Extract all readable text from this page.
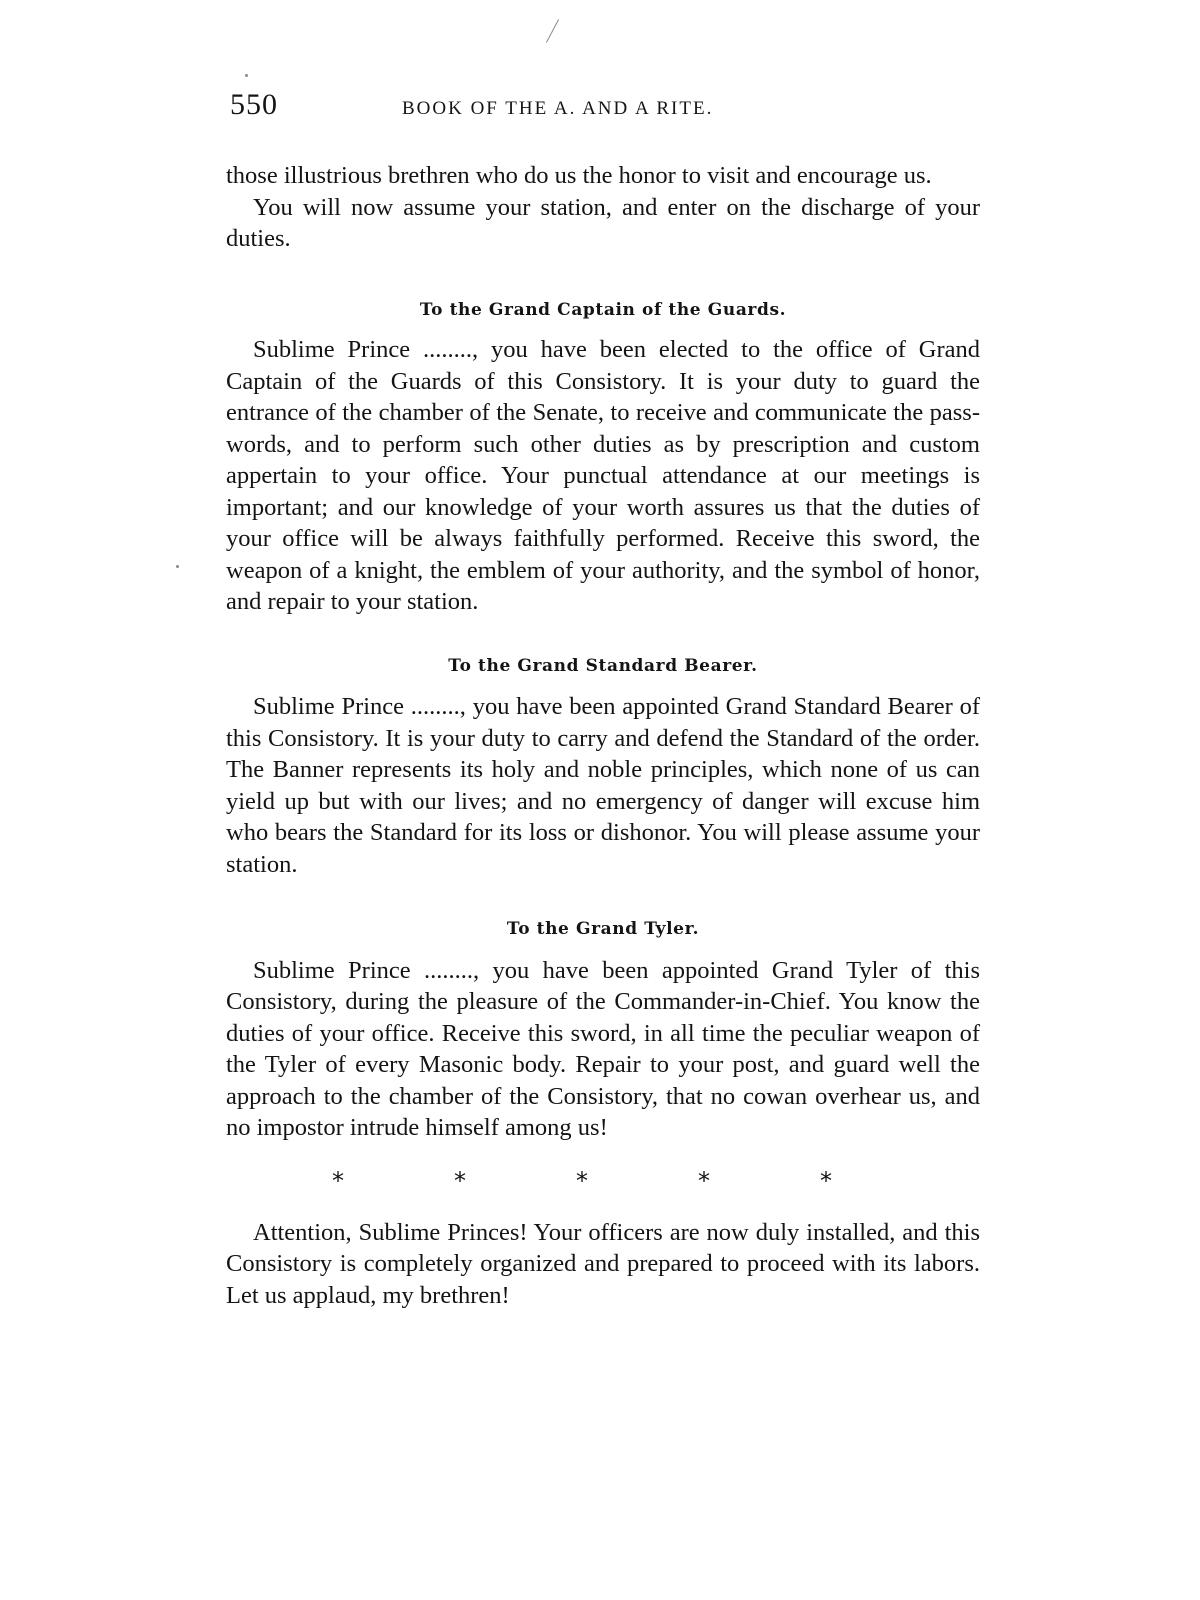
550	BOOK OF THE A. AND A RITE.

those illustrious brethren who do us the honor to visit and encourage us.

You will now assume your station, and enter on the discharge of your duties.

To the Grand Captain of the Guards.

Sublime Prince ........, you have been elected to the office of Grand Captain of the Guards of this Consistory. It is your duty to guard the entrance of the chamber of the Senate, to receive and communicate the pass-words, and to perform such other duties as by prescription and custom appertain to your office. Your punctual attendance at our meetings is important; and our knowledge of your worth assures us that the duties of your office will be always faithfully performed. Receive this sword, the weapon of a knight, the emblem of your authority, and the symbol of honor, and repair to your station.

To the Grand Standard Bearer.

Sublime Prince ........, you have been appointed Grand Standard Bearer of this Consistory. It is your duty to carry and defend the Standard of the order. The Banner represents its holy and noble principles, which none of us can yield up but with our lives; and no emergency of danger will excuse him who bears the Standard for its loss or dishonor. You will please assume your station.

To the Grand Tyler.

Sublime Prince ........, you have been appointed Grand Tyler of this Consistory, during the pleasure of the Commander-in-Chief. You know the duties of your office. Receive this sword, in all time the peculiar weapon of the Tyler of every Masonic body. Repair to your post, and guard well the approach to the chamber of the Consistory, that no cowan overhear us, and no impostor intrude himself among us!

*	*	*	*	*

Attention, Sublime Princes! Your officers are now duly installed, and this Consistory is completely organized and prepared to proceed with its labors. Let us applaud, my brethren!
